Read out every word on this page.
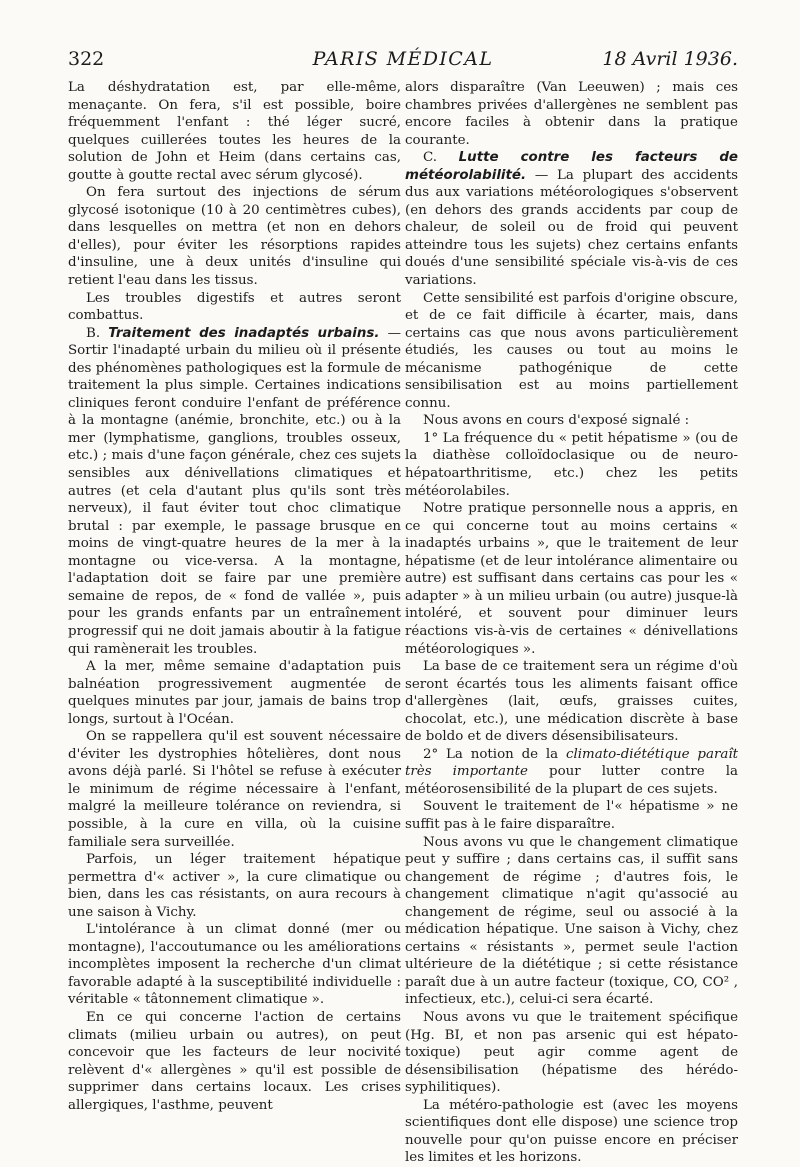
322	PARIS MÉDICAL	18 Avril 1936.

La déshydratation est, par elle-même, menaçante. On fera, s'il est possible, boire fréquemment l'enfant : thé léger sucré, quelques cuillerées toutes les heures de la solution de John et Heim (dans certains cas, goutte à goutte rectal avec sérum glycosé).

On fera surtout des injections de sérum glycosé isotonique (10 à 20 centimètres cubes), dans lesquelles on mettra (et non en dehors d'elles), pour éviter les résorptions rapides d'insuline, une à deux unités d'insuline qui retient l'eau dans les tissus.

Les troubles digestifs et autres seront combattus.

B. Traitement des inadaptés urbains. — Sortir l'inadapté urbain du milieu où il présente des phénomènes pathologiques est la formule de traitement la plus simple. Certaines indications cliniques feront conduire l'enfant de préférence à la montagne (anémie, bronchite, etc.) ou à la mer (lymphatisme, ganglions, troubles osseux, etc.) ; mais d'une façon générale, chez ces sujets sensibles aux dénivellations climatiques et autres (et cela d'autant plus qu'ils sont très nerveux), il faut éviter tout choc climatique brutal : par exemple, le passage brusque en moins de vingt-quatre heures de la mer à la montagne ou vice-versa. A la montagne, l'adaptation doit se faire par une première semaine de repos, de « fond de vallée », puis pour les grands enfants par un entraînement progressif qui ne doit jamais aboutir à la fatigue qui ramènerait les troubles.

A la mer, même semaine d'adaptation puis balnéation progressivement augmentée de quelques minutes par jour, jamais de bains trop longs, surtout à l'Océan.

On se rappellera qu'il est souvent nécessaire d'éviter les dystrophies hôtelières, dont nous avons déjà parlé. Si l'hôtel se refuse à exécuter le minimum de régime nécessaire à l'enfant, malgré la meilleure tolérance on reviendra, si possible, à la cure en villa, où la cuisine familiale sera surveillée.

Parfois, un léger traitement hépatique permettra d'« activer », la cure climatique ou bien, dans les cas résistants, on aura recours à une saison à Vichy.

L'intolérance à un climat donné (mer ou montagne), l'accoutumance ou les améliorations incomplètes imposent la recherche d'un climat favorable adapté à la susceptibilité individuelle : véritable « tâtonnement climatique ».

En ce qui concerne l'action de certains climats (milieu urbain ou autres), on peut concevoir que les facteurs de leur nocivité relèvent d'« allergènes » qu'il est possible de supprimer dans certains locaux. Les crises allergiques, l'asthme, peuvent

alors disparaître (Van Leeuwen) ; mais ces chambres privées d'allergènes ne semblent pas encore faciles à obtenir dans la pratique courante.

C. Lutte contre les facteurs de météorolabilité. — La plupart des accidents dus aux variations météorologiques s'observent (en dehors des grands accidents par coup de chaleur, de soleil ou de froid qui peuvent atteindre tous les sujets) chez certains enfants doués d'une sensibilité spéciale vis-à-vis de ces variations.

Cette sensibilité est parfois d'origine obscure, et de ce fait difficile à écarter, mais, dans certains cas que nous avons particulièrement étudiés, les causes ou tout au moins le mécanisme pathogénique de cette sensibilisation est au moins partiellement connu.

Nous avons en cours d'exposé signalé :

1° La fréquence du « petit hépatisme » (ou de la diathèse colloïdoclasique ou de neuro-hépatoarthritisme, etc.) chez les petits météorolabiles.

Notre pratique personnelle nous a appris, en ce qui concerne tout au moins certains « inadaptés urbains », que le traitement de leur hépatisme (et de leur intolérance alimentaire ou autre) est suffisant dans certains cas pour les « adapter » à un milieu urbain (ou autre) jusque-là intoléré, et souvent pour diminuer leurs réactions vis-à-vis de certaines « dénivellations météorologiques ».

La base de ce traitement sera un régime d'où seront écartés tous les aliments faisant office d'allergènes (lait, œufs, graisses cuites, chocolat, etc.), une médication discrète à base de boldo et de divers désensibilisateurs.

2° La notion de la climato-diététique paraît très importante pour lutter contre la météorosensibilité de la plupart de ces sujets.

Souvent le traitement de l'« hépatisme » ne suffit pas à le faire disparaître.

Nous avons vu que le changement climatique peut y suffire ; dans certains cas, il suffit sans changement de régime ; d'autres fois, le changement climatique n'agit qu'associé au changement de régime, seul ou associé à la médication hépatique. Une saison à Vichy, chez certains « résistants », permet seule l'action ultérieure de la diététique ; si cette résistance paraît due à un autre facteur (toxique, CO, CO² , infectieux, etc.), celui-ci sera écarté.

Nous avons vu que le traitement spécifique (Hg. BI, et non pas arsenic qui est hépato-toxique) peut agir comme agent de désensibilisation (hépatisme des hérédo-syphilitiques).

La météro-pathologie est (avec les moyens scientifiques dont elle dispose) une science trop nouvelle pour qu'on puisse encore en préciser les limites et les horizons.
